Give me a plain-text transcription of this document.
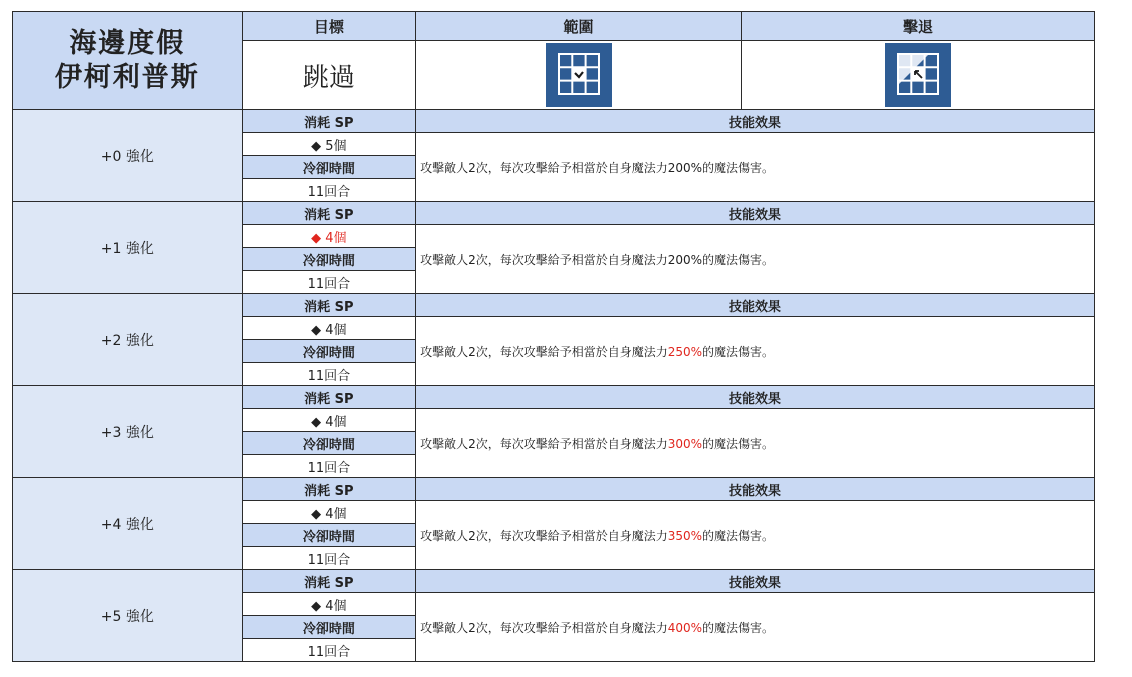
海邊度假
伊柯利普斯	目標	範圍	擊退
	跳過	

+0 強化	消耗 SP	技能效果	
	◆ 5個	攻擊敵人2次，每次攻擊給予相當於自身魔法力200%的魔法傷害。	
	冷卻時間		
	11回合		
+1 強化	消耗 SP	技能效果	
	◆ 4個	攻擊敵人2次，每次攻擊給予相當於自身魔法力200%的魔法傷害。	
	冷卻時間		
	11回合		
+2 強化	消耗 SP	技能效果	
	◆ 4個	攻擊敵人2次，每次攻擊給予相當於自身魔法力250%的魔法傷害。	
	冷卻時間		
	11回合		
+3 強化	消耗 SP	技能效果	
	◆ 4個	攻擊敵人2次，每次攻擊給予相當於自身魔法力300%的魔法傷害。	
	冷卻時間		
	11回合		
+4 強化	消耗 SP	技能效果	
	◆ 4個	攻擊敵人2次，每次攻擊給予相當於自身魔法力350%的魔法傷害。	
	冷卻時間		
	11回合		
+5 強化	消耗 SP	技能效果	
	◆ 4個	攻擊敵人2次，每次攻擊給予相當於自身魔法力400%的魔法傷害。	
	冷卻時間		
	11回合		
